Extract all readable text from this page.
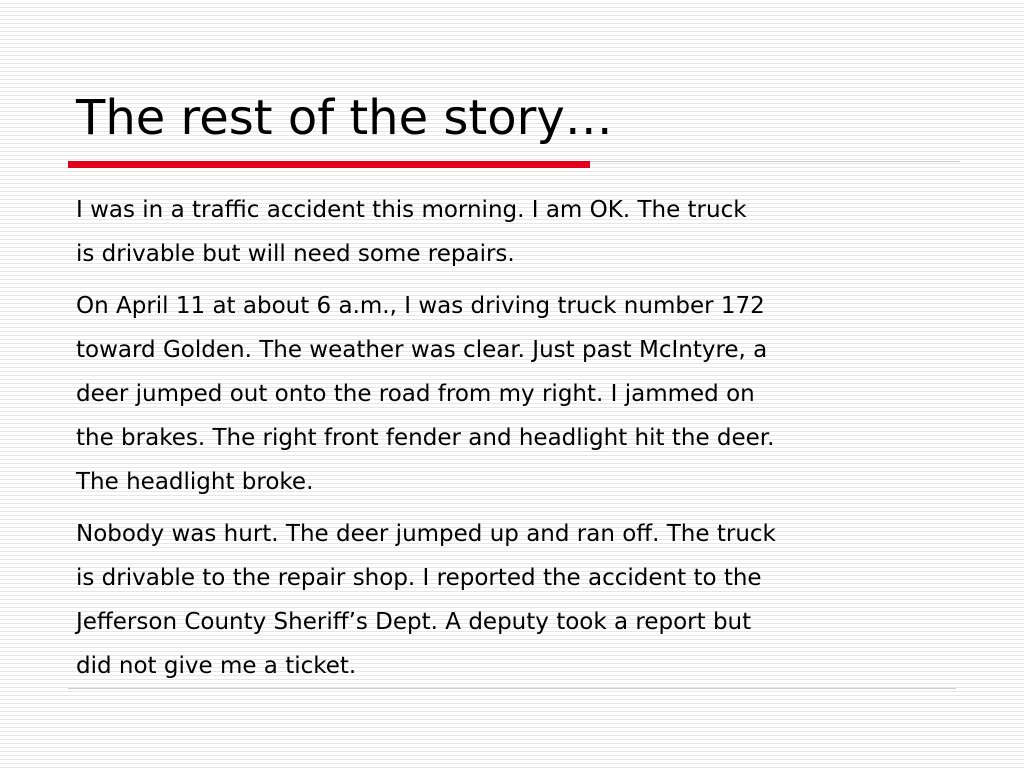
The rest of the story…

I was in a traffic accident this morning. I am OK. The truck
is drivable but will need some repairs.

On April 11 at about 6 a.m., I was driving truck number 172
toward Golden. The weather was clear. Just past McIntyre, a
deer jumped out onto the road from my right. I jammed on
the brakes. The right front fender and headlight hit the deer.
The headlight broke.

Nobody was hurt. The deer jumped up and ran off. The truck
is drivable to the repair shop. I reported the accident to the
Jefferson County Sheriff’s Dept. A deputy took a report but
did not give me a ticket.
